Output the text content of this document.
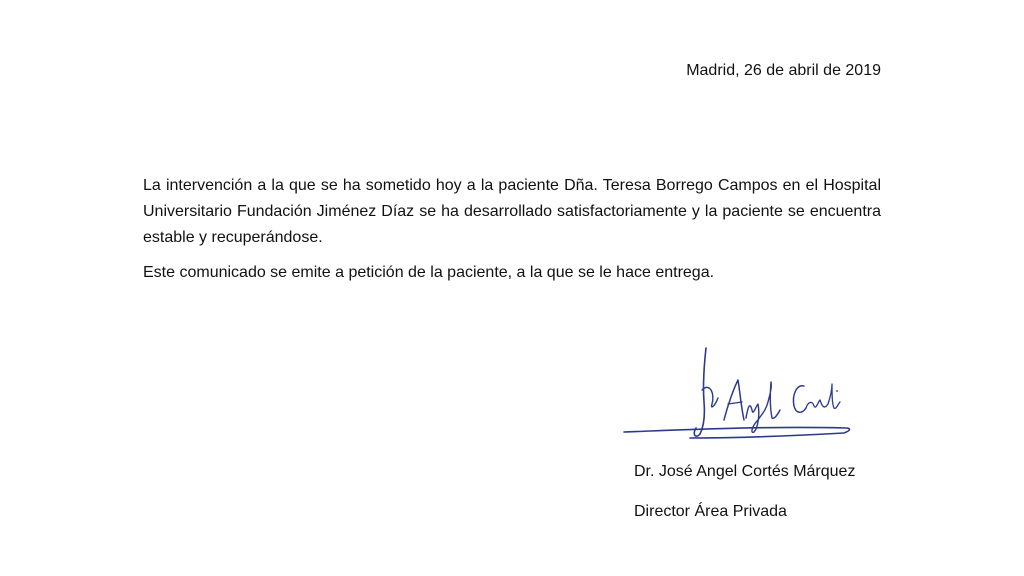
Madrid, 26 de abril de 2019

La intervención a la que se ha sometido hoy a la paciente Dña. Teresa Borrego Campos en el Hospital Universitario Fundación Jiménez Díaz se ha desarrollado satisfactoriamente y la paciente se encuentra estable y recuperándose.

Este comunicado se emite a petición de la paciente, a la que se le hace entrega.

Dr. José Angel Cortés Márquez
Director Área Privada
